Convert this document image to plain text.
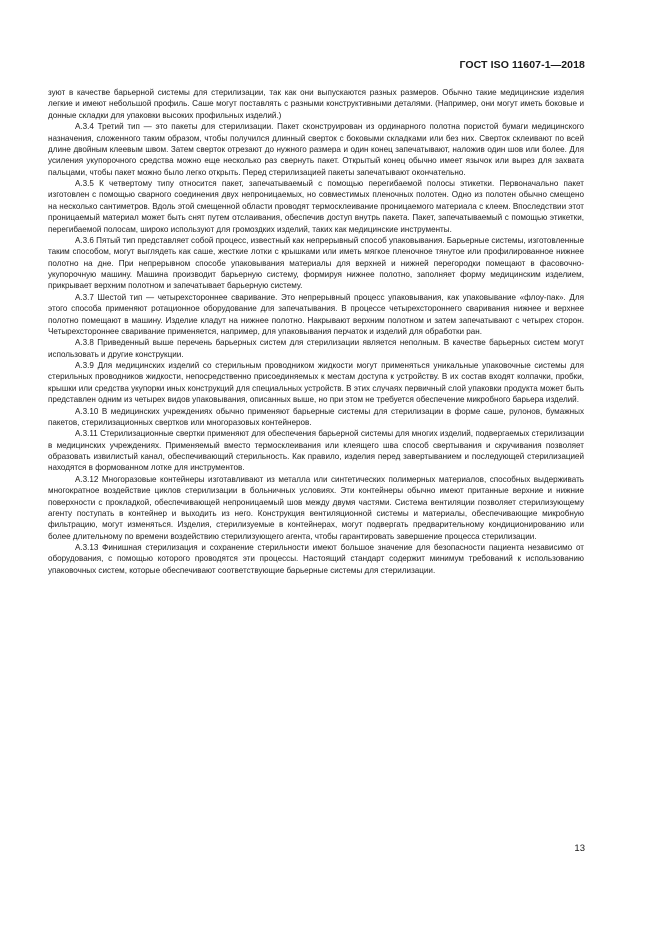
ГОСТ ISO 11607-1—2018

зуют в качестве барьерной системы для стерилизации, так как они выпускаются разных размеров. Обычно такие медицинские изделия легкие и имеют небольшой профиль. Саше могут поставлять с разными конструктивными деталями. (Например, они могут иметь боковые и донные складки для упаковки высоких профильных изделий.)

А.3.4 Третий тип — это пакеты для стерилизации. Пакет сконструирован из ординарного полотна пористой бумаги медицинского назначения, сложенного таким образом, чтобы получился длинный сверток с боковыми складками или без них. Сверток склеивают по всей длине двойным клеевым швом. Затем сверток отрезают до нужного размера и один конец запечатывают, наложив один шов или более. Для усиления укупорочного средства можно еще несколько раз свернуть пакет. Открытый конец обычно имеет язычок или вырез для захвата пальцами, чтобы пакет можно было легко открыть. Перед стерилизацией пакеты запечатывают окончательно.

А.3.5 К четвертому типу относится пакет, запечатываемый с помощью перегибаемой полосы этикетки. Первоначально пакет изготовлен с помощью сварного соединения двух непроницаемых, но совместимых пленочных полотен. Одно из полотен обычно смещено на несколько сантиметров. Вдоль этой смещенной области проводят термосклеивание проницаемого материала с клеем. Впоследствии этот проницаемый материал может быть снят путем отслаивания, обеспечив доступ внутрь пакета. Пакет, запечатываемый с помощью этикетки, перегибаемой полосам, широко используют для громоздких изделий, таких как медицинские инструменты.

А.3.6 Пятый тип представляет собой процесс, известный как непрерывный способ упаковывания. Барьерные системы, изготовленные таким способом, могут выглядеть как саше, жесткие лотки с крышками или иметь мягкое пленочное тянутое или профилированное нижнее полотно на дне. При непрерывном способе упаковывания материалы для верхней и нижней перегородки помещают в фасовочно-укупорочную машину. Машина производит барьерную систему, формируя нижнее полотно, заполняет форму медицинским изделием, прикрывает верхним полотном и запечатывает барьерную систему.

А.3.7 Шестой тип — четырехстороннее сваривание. Это непрерывный процесс упаковывания, как упаковывание «флоу-пак». Для этого способа применяют ротационное оборудование для запечатывания. В процессе четырехстороннего сваривания нижнее и верхнее полотно помещают в машину. Изделие кладут на нижнее полотно. Накрывают верхним полотном и затем запечатывают с четырех сторон. Четырехстороннее сваривание применяется, например, для упаковывания перчаток и изделий для обработки ран.

А.3.8 Приведенный выше перечень барьерных систем для стерилизации является неполным. В качестве барьерных систем могут использовать и другие конструкции.

А.3.9 Для медицинских изделий со стерильным проводником жидкости могут применяться уникальные упаковочные системы для стерильных проводников жидкости, непосредственно присоединяемых к местам доступа к устройству. В их состав входят колпачки, пробки, крышки или средства укупорки иных конструкций для специальных устройств. В этих случаях первичный слой упаковки продукта может быть представлен одним из четырех видов упаковывания, описанных выше, но при этом не требуется обеспечение микробного барьера изделий.

А.3.10 В медицинских учреждениях обычно применяют барьерные системы для стерилизации в форме саше, рулонов, бумажных пакетов, стерилизационных свертков или многоразовых контейнеров.

А.3.11 Стерилизационные свертки применяют для обеспечения барьерной системы для многих изделий, подвергаемых стерилизации в медицинских учреждениях. Применяемый вместо термосклеивания или клеящего шва способ свертывания и скручивания позволяет образовать извилистый канал, обеспечивающий стерильность. Как правило, изделия перед завертыванием и последующей стерилизацией находятся в формованном лотке для инструментов.

А.3.12 Многоразовые контейнеры изготавливают из металла или синтетических полимерных материалов, способных выдерживать многократное воздействие циклов стерилизации в больничных условиях. Эти контейнеры обычно имеют пританные верхние и нижние поверхности с прокладкой, обеспечивающей непроницаемый шов между двумя частями. Система вентиляции позволяет стерилизующему агенту поступать в контейнер и выходить из него. Конструкция вентиляционной системы и материалы, обеспечивающие микробную фильтрацию, могут изменяться. Изделия, стерилизуемые в контейнерах, могут подвергать предварительному кондиционированию или более длительному по времени воздействию стерилизующего агента, чтобы гарантировать завершение процесса стерилизации.

А.3.13 Финишная стерилизация и сохранение стерильности имеют большое значение для безопасности пациента независимо от оборудования, с помощью которого проводятся эти процессы. Настоящий стандарт содержит минимум требований к использованию упаковочных систем, которые обеспечивают соответствующие барьерные системы для стерилизации.

13
